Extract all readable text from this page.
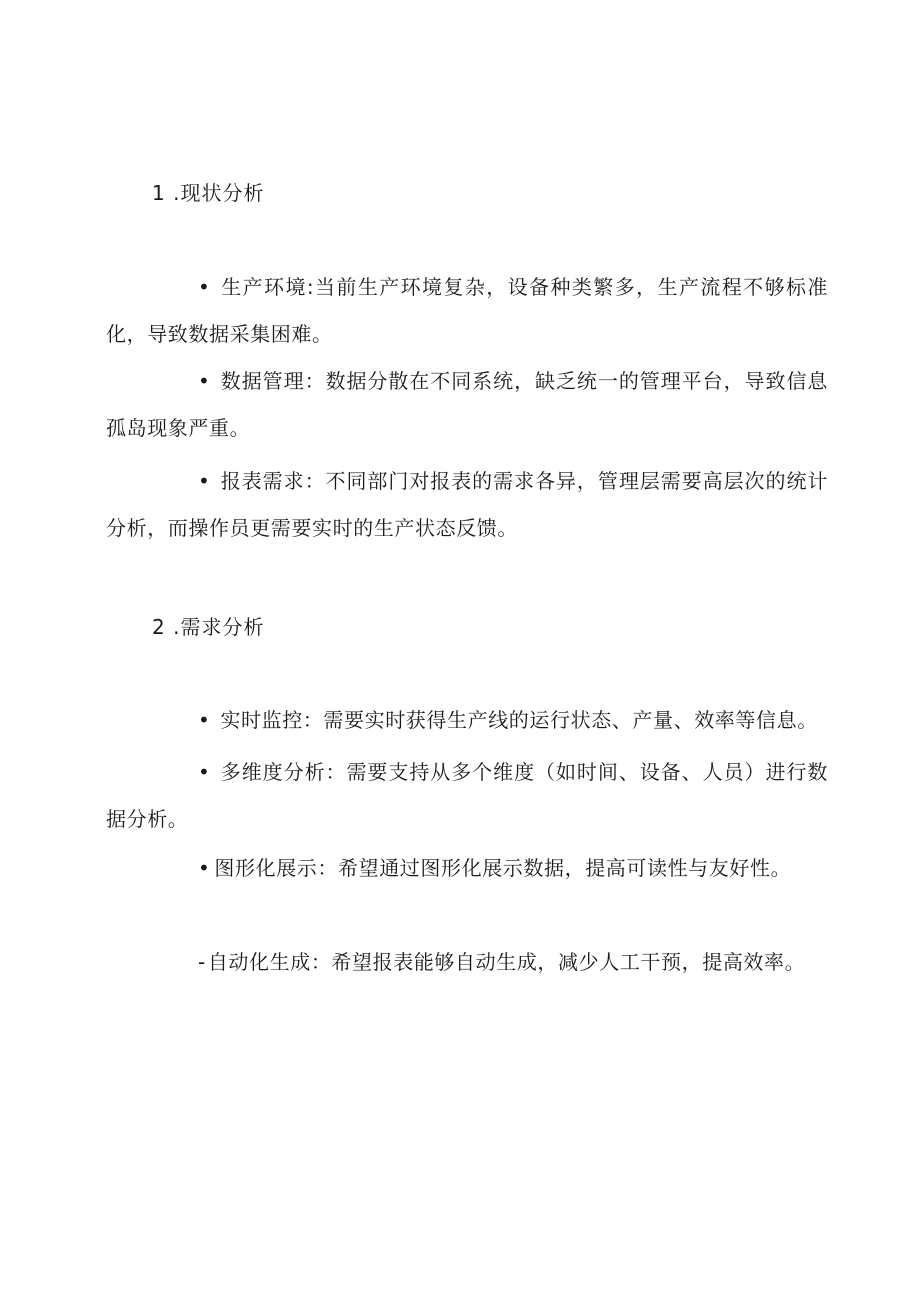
1 .现状分析
• 生产环境:当前生产环境复杂，设备种类繁多，生产流程不够标准化，导致数据采集困难。
• 数据管理：数据分散在不同系统，缺乏统一的管理平台，导致信息孤岛现象严重。
• 报表需求：不同部门对报表的需求各异，管理层需要高层次的统计分析，而操作员更需要实时的生产状态反馈。
2 .需求分析
• 实时监控：需要实时获得生产线的运行状态、产量、效率等信息。
• 多维度分析：需要支持从多个维度（如时间、设备、人员）进行数据分析。
• 图形化展示：希望通过图形化展示数据，提高可读性与友好性。
- 自动化生成：希望报表能够自动生成，减少人工干预，提高效率。
